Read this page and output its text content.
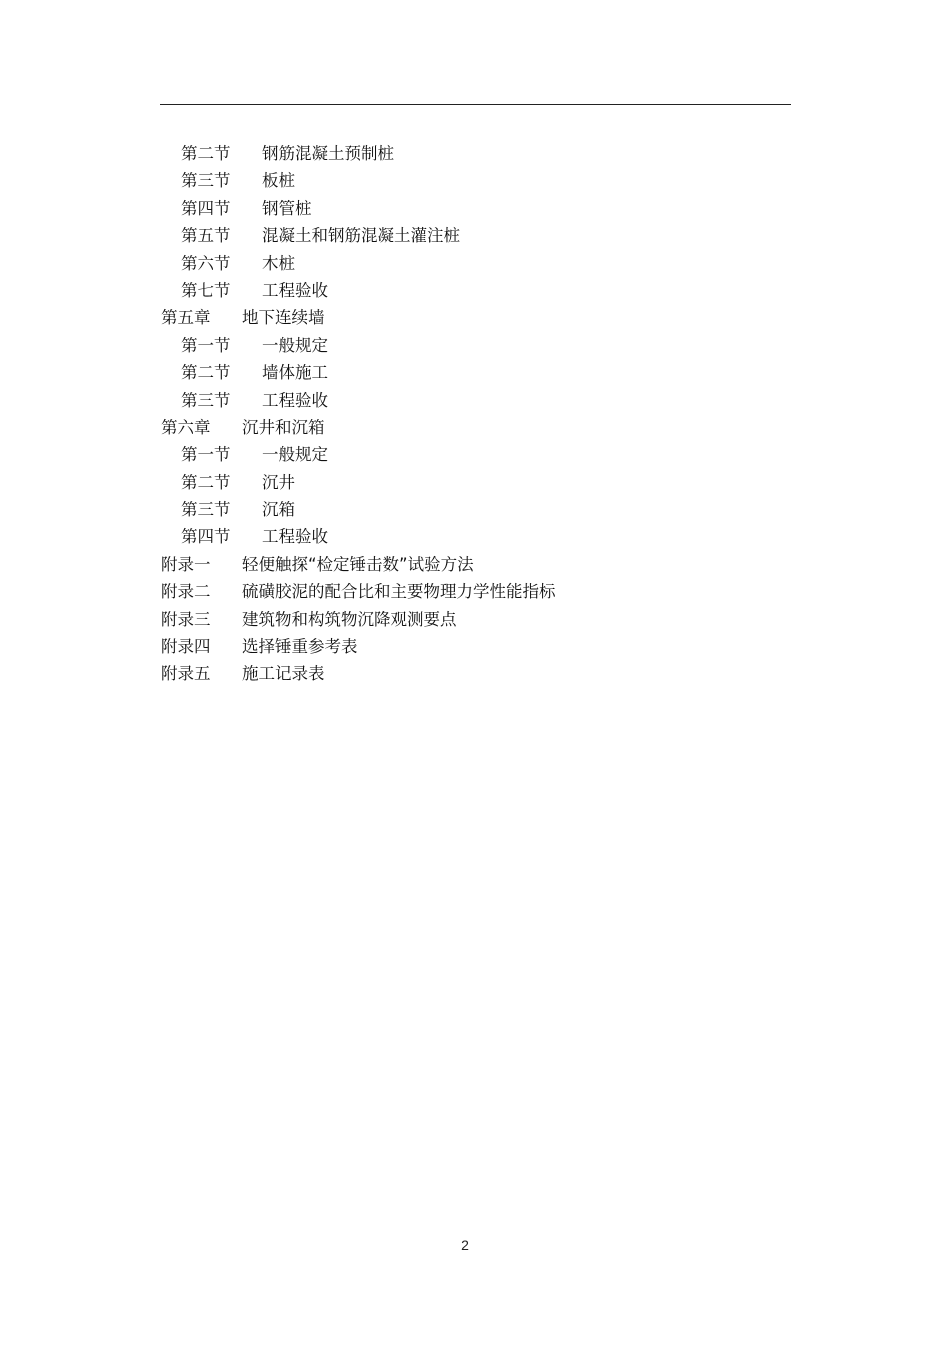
第二节 钢筋混凝土预制桩
第三节 板桩
第四节 钢管桩
第五节 混凝土和钢筋混凝土灌注桩
第六节 木桩
第七节 工程验收
第五章 地下连续墙
第一节 一般规定
第二节 墙体施工
第三节 工程验收
第六章 沉井和沉箱
第一节 一般规定
第二节 沉井
第三节 沉箱
第四节 工程验收
附录一 轻便触探“检定锤击数”试验方法
附录二 硫磺胶泥的配合比和主要物理力学性能指标
附录三 建筑物和构筑物沉降观测要点
附录四 选择锤重参考表
附录五 施工记录表
2
